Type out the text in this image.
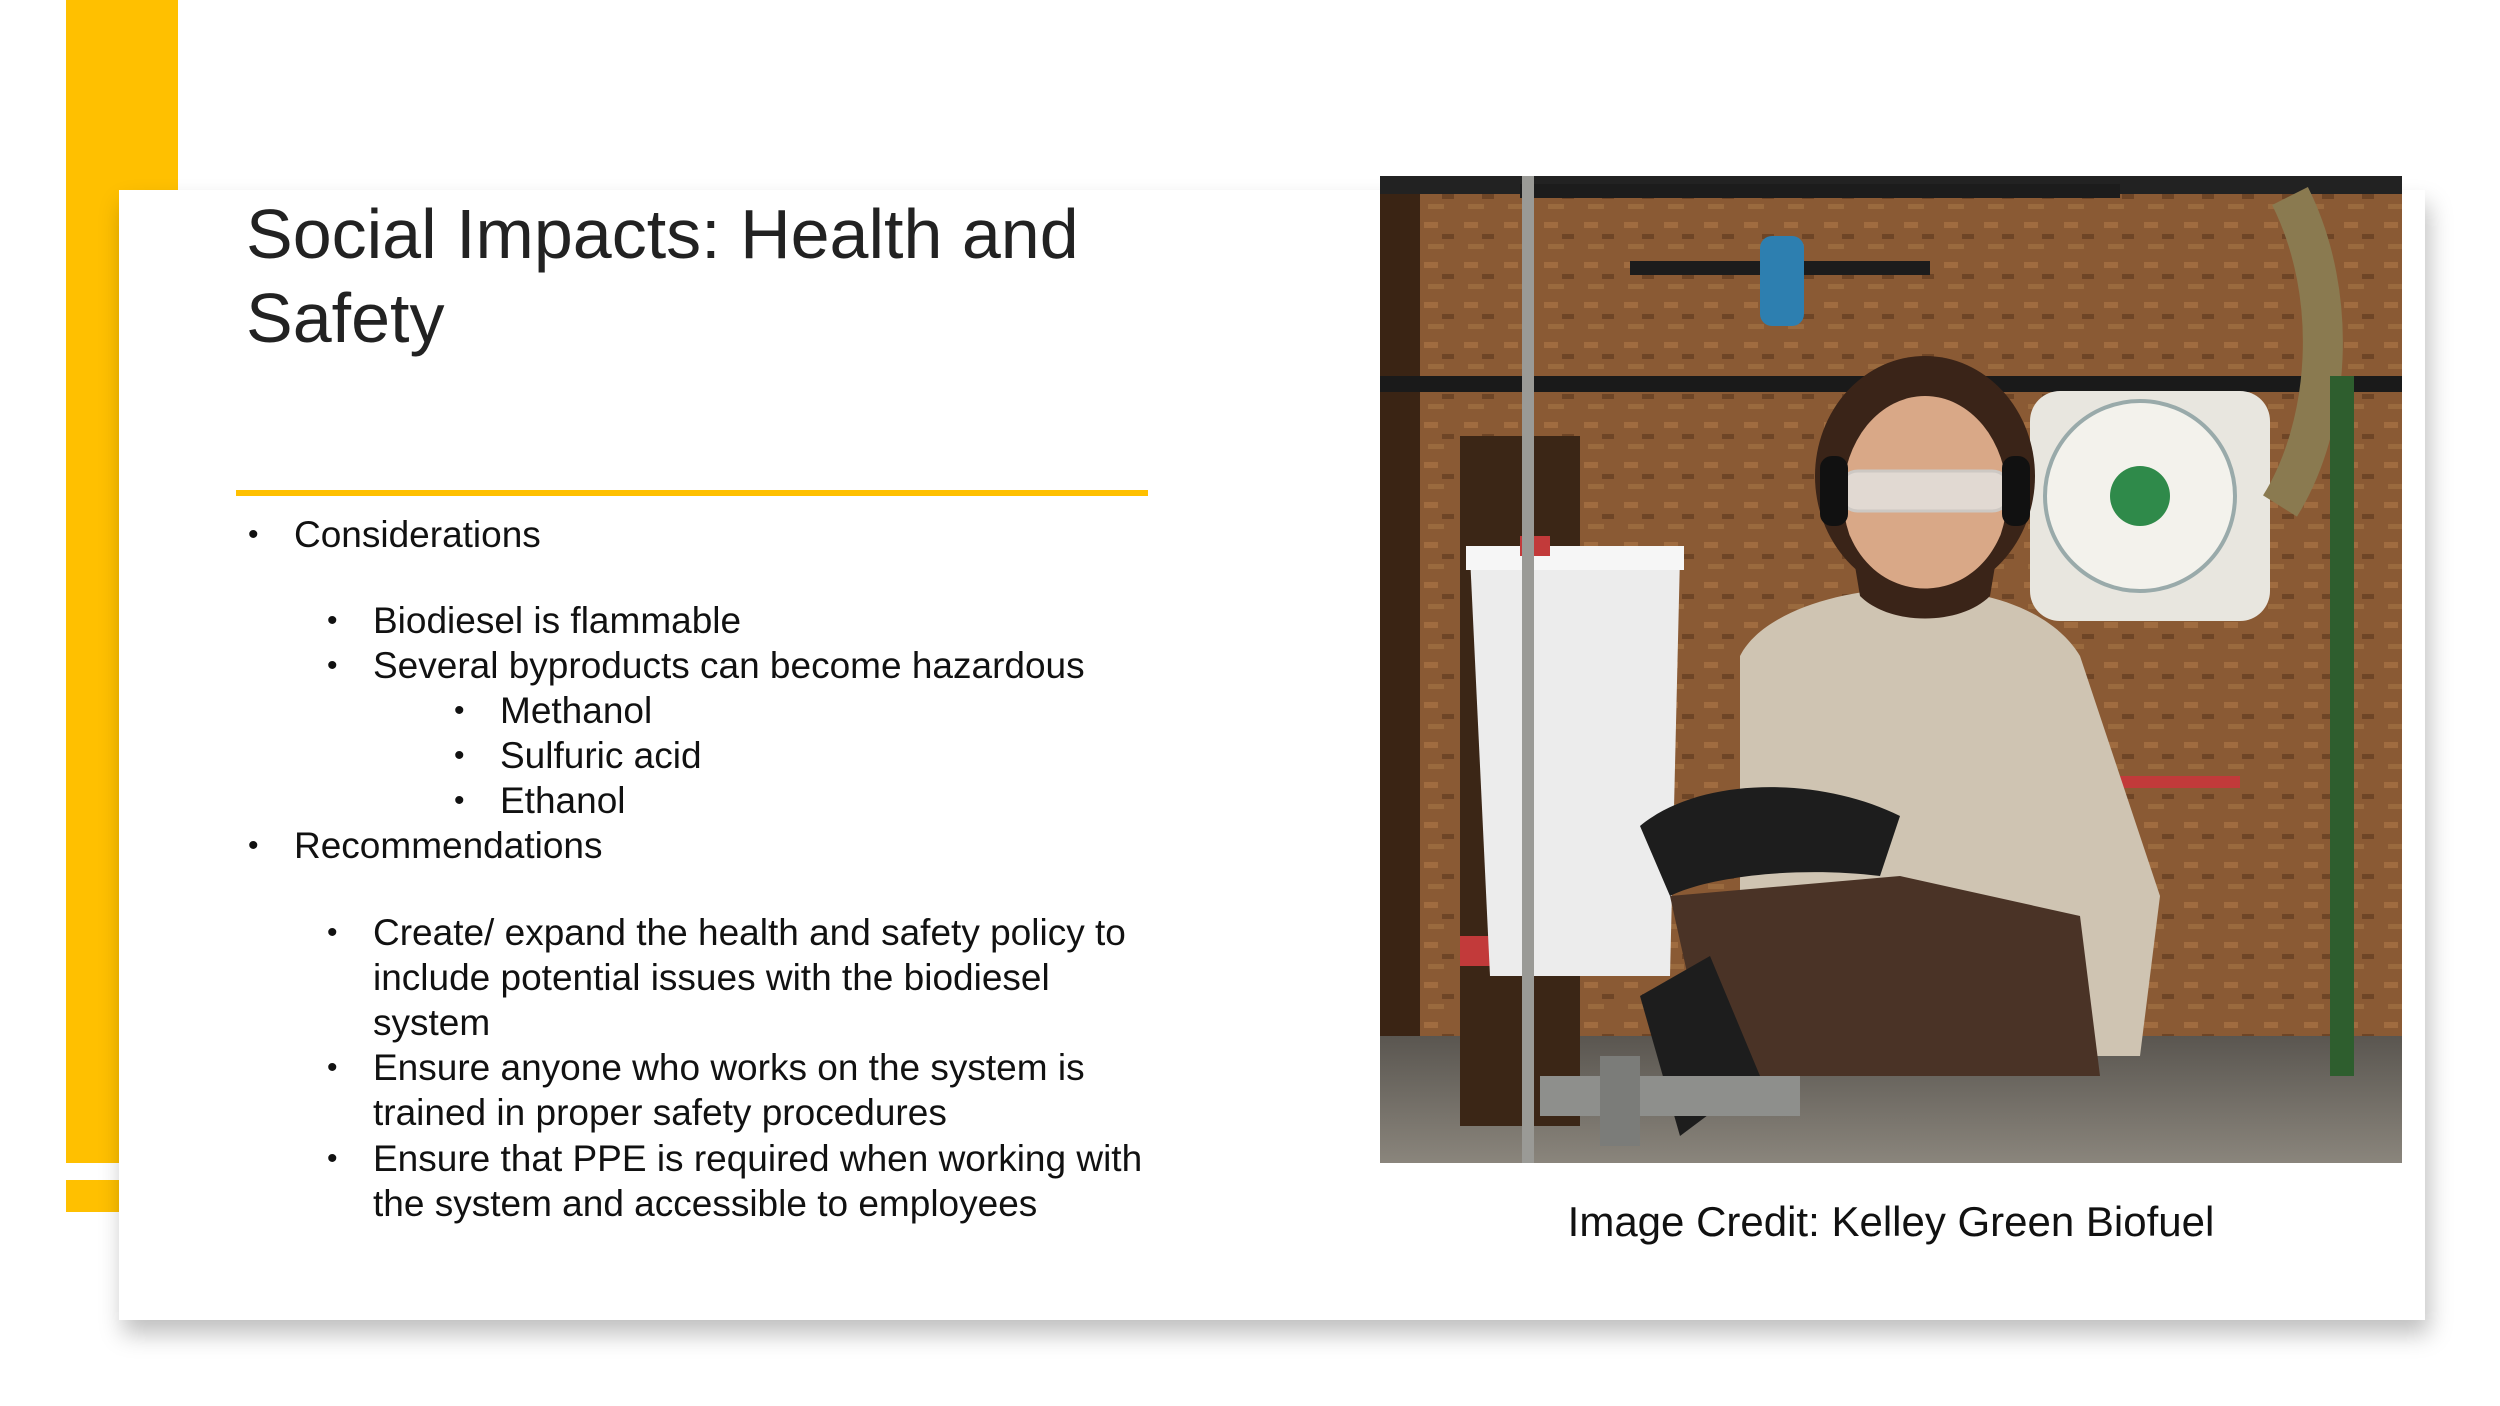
Social Impacts: Health and Safety

• Considerations

• Biodiesel is flammable

• Several byproducts can become hazardous

• Methanol

• Sulfuric acid

• Ethanol

• Recommendations

• Create/ expand the health and safety policy to include potential issues with the biodiesel system

• Ensure anyone who works on the system is trained in proper safety procedures

• Ensure that PPE is required when working with the system and accessible to employees	Image Credit: Kelley Green Biofuel
